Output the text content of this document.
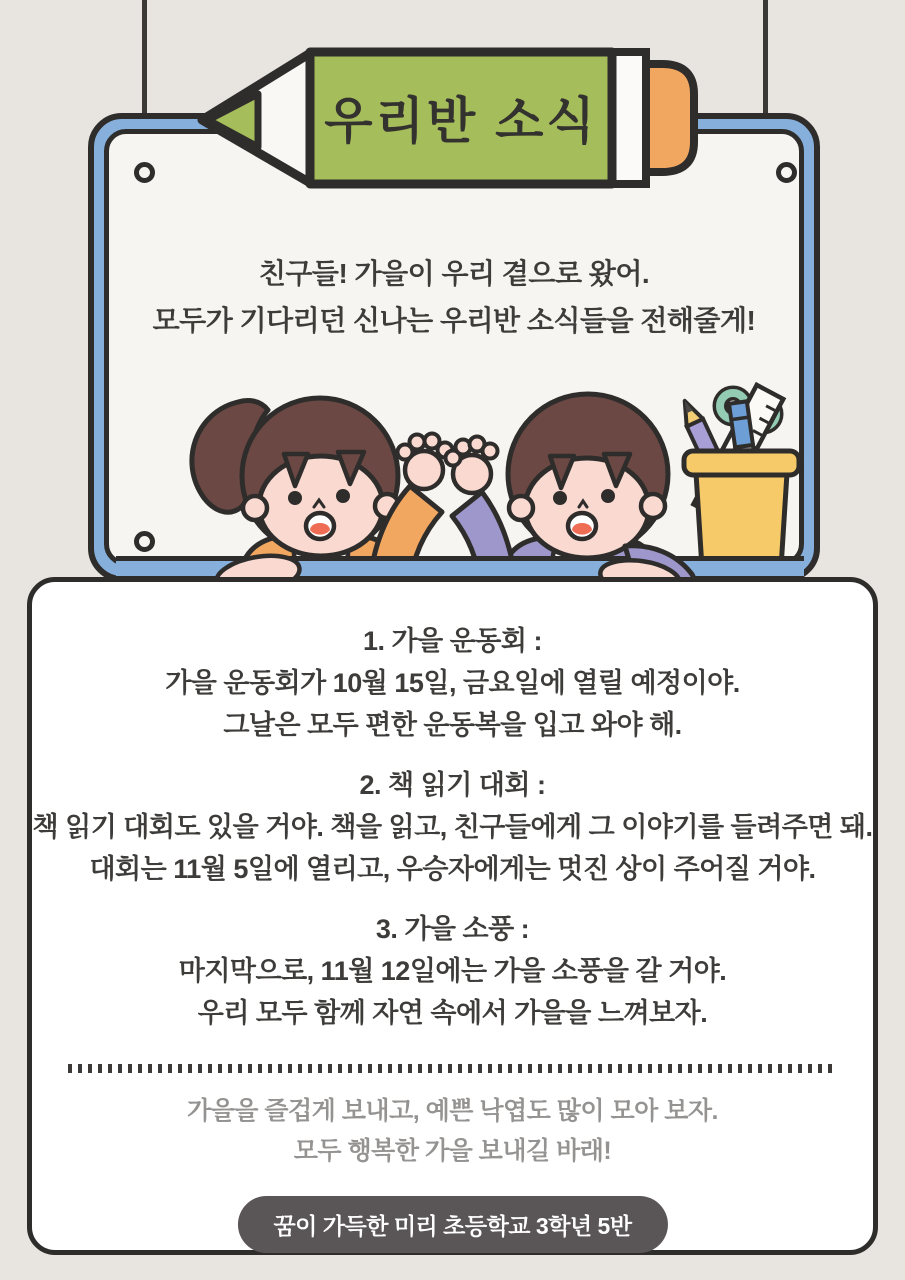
친구들! 가을이 우리 곁으로 왔어.
모두가 기다리던 신나는 우리반 소식들을 전해줄게!
우리반 소식
1. 가을 운동회 :
가을 운동회가 10월 15일, 금요일에 열릴 예정이야.
그날은 모두 편한 운동복을 입고 와야 해.
2. 책 읽기 대회 :
책 읽기 대회도 있을 거야. 책을 읽고, 친구들에게 그 이야기를 들려주면 돼.
대회는 11월 5일에 열리고, 우승자에게는 멋진 상이 주어질 거야.
3. 가을 소풍 :
마지막으로, 11월 12일에는 가을 소풍을 갈 거야.
우리 모두 함께 자연 속에서 가을을 느껴보자.
가을을 즐겁게 보내고, 예쁜 낙엽도 많이 모아 보자.
모두 행복한 가을 보내길 바래!
꿈이 가득한 미리 초등학교 3학년 5반
